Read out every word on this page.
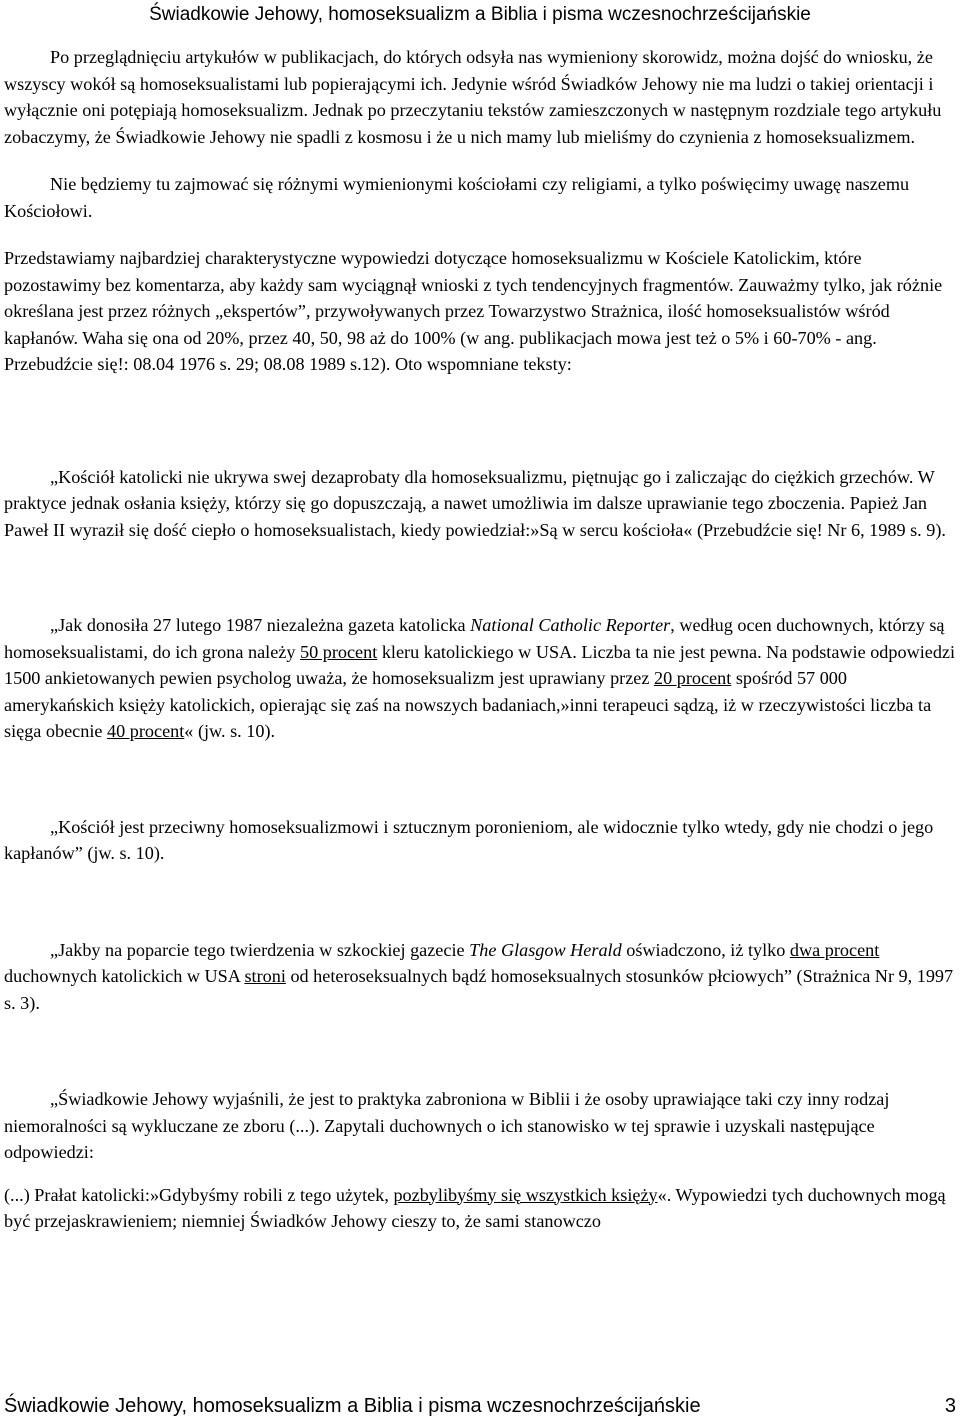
Świadkowie Jehowy, homoseksualizm a Biblia i pisma wczesnochrześcijańskie

Po przeglądnięciu artykułów w publikacjach, do których odsyła nas wymieniony skorowidz, można dojść do wniosku, że wszyscy wokół są homoseksualistami lub popierającymi ich. Jedynie wśród Świadków Jehowy nie ma ludzi o takiej orientacji i wyłącznie oni potępiają homoseksualizm. Jednak po przeczytaniu tekstów zamieszczonych w następnym rozdziale tego artykułu zobaczymy, że Świadkowie Jehowy nie spadli z kosmosu i że u nich mamy lub mieliśmy do czynienia z homoseksualizmem.

Nie będziemy tu zajmować się różnymi wymienionymi kościołami czy religiami, a tylko poświęcimy uwagę naszemu Kościołowi.

Przedstawiamy najbardziej charakterystyczne wypowiedzi dotyczące homoseksualizmu w Kościele Katolickim, które pozostawimy bez komentarza, aby każdy sam wyciągnął wnioski z tych tendencyjnych fragmentów. Zauważmy tylko, jak różnie określana jest przez różnych „ekspertów”, przywoływanych przez Towarzystwo Strażnica, ilość homoseksualistów wśród kapłanów. Waha się ona od 20%, przez 40, 50, 98 aż do 100% (w ang. publikacjach mowa jest też o 5% i 60-70% - ang. Przebudźcie się!: 08.04 1976 s. 29; 08.08 1989 s.12). Oto wspomniane teksty:

„Kościół katolicki nie ukrywa swej dezaprobaty dla homoseksualizmu, piętnując go i zaliczając do ciężkich grzechów. W praktyce jednak osłania księży, którzy się go dopuszczają, a nawet umożliwia im dalsze uprawianie tego zboczenia. Papież Jan Paweł II wyraził się dość ciepło o homoseksualistach, kiedy powiedział:»Są w sercu kościoła« (Przebudźcie się! Nr 6, 1989 s. 9).

„Jak donosiła 27 lutego 1987 niezależna gazeta katolicka National Catholic Reporter, według ocen duchownych, którzy są homoseksualistami, do ich grona należy 50 procent kleru katolickiego w USA. Liczba ta nie jest pewna. Na podstawie odpowiedzi 1500 ankietowanych pewien psycholog uważa, że homoseksualizm jest uprawiany przez 20 procent spośród 57 000 amerykańskich księży katolickich, opierając się zaś na nowszych badaniach,»inni terapeuci sądzą, iż w rzeczywistości liczba ta sięga obecnie 40 procent« (jw. s. 10).

„Kościół jest przeciwny homoseksualizmowi i sztucznym poronieniom, ale widocznie tylko wtedy, gdy nie chodzi o jego kapłanów” (jw. s. 10).

„Jakby na poparcie tego twierdzenia w szkockiej gazecie The Glasgow Herald oświadczono, iż tylko dwa procent duchownych katolickich w USA stroni od heteroseksualnych bądź homoseksualnych stosunków płciowych” (Strażnica Nr 9, 1997 s. 3).

„Świadkowie Jehowy wyjaśnili, że jest to praktyka zabroniona w Biblii i że osoby uprawiające taki czy inny rodzaj niemoralności są wykluczane ze zboru (...). Zapytali duchownych o ich stanowisko w tej sprawie i uzyskali następujące odpowiedzi:

(...) Prałat katolicki:»Gdybyśmy robili z tego użytek, pozbylibyśmy się wszystkich księży«. Wypowiedzi tych duchownych mogą być przejaskrawieniem; niemniej Świadków Jehowy cieszy to, że sami stanowczo

Świadkowie Jehowy, homoseksualizm a Biblia i pisma wczesnochrześcijańskie	3
